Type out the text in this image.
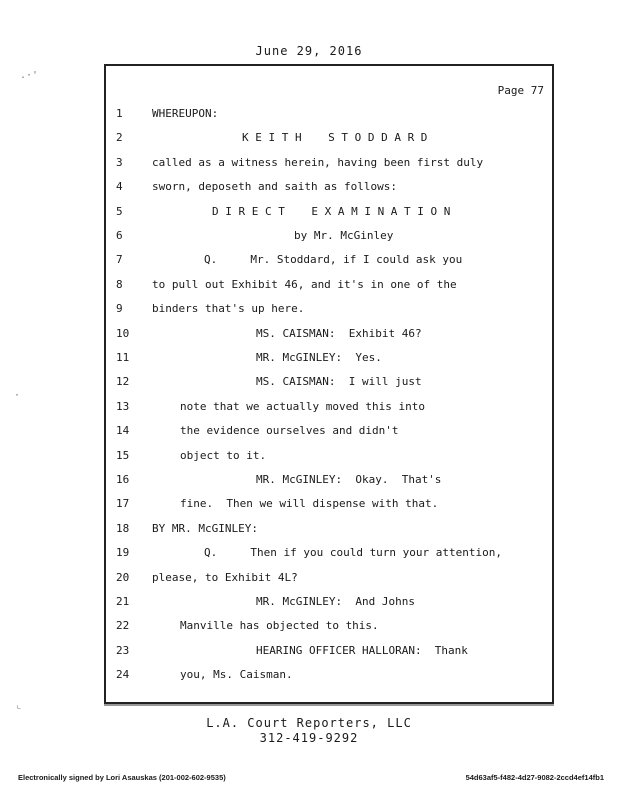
June 29, 2016
Page 77
1	WHEREUPON:
2	K E I T H    S T O D D A R D
3	called as a witness herein, having been first duly
4	sworn, deposeth and saith as follows:
5	D I R E C T    E X A M I N A T I O N
6	by Mr. McGinley
7	Q.     Mr. Stoddard, if I could ask you
8	to pull out Exhibit 46, and it's in one of the
9	binders that's up here.
10	MS. CAISMAN:  Exhibit 46?
11	MR. McGINLEY:  Yes.
12	MS. CAISMAN:  I will just
13	note that we actually moved this into
14	the evidence ourselves and didn't
15	object to it.
16	MR. McGINLEY:  Okay.  That's
17	fine.  Then we will dispense with that.
18	BY MR. McGINLEY:
19	Q.     Then if you could turn your attention,
20	please, to Exhibit 4L?
21	MR. McGINLEY:  And Johns
22	Manville has objected to this.
23	HEARING OFFICER HALLORAN:  Thank
24	you, Ms. Caisman.
L.A. Court Reporters, LLC
312-419-9292
Electronically signed by Lori Asauskas (201-002-602-9535)	54d63af5-f482-4d27-9082-2ccd4ef14fb1
.·'
·
⌞
